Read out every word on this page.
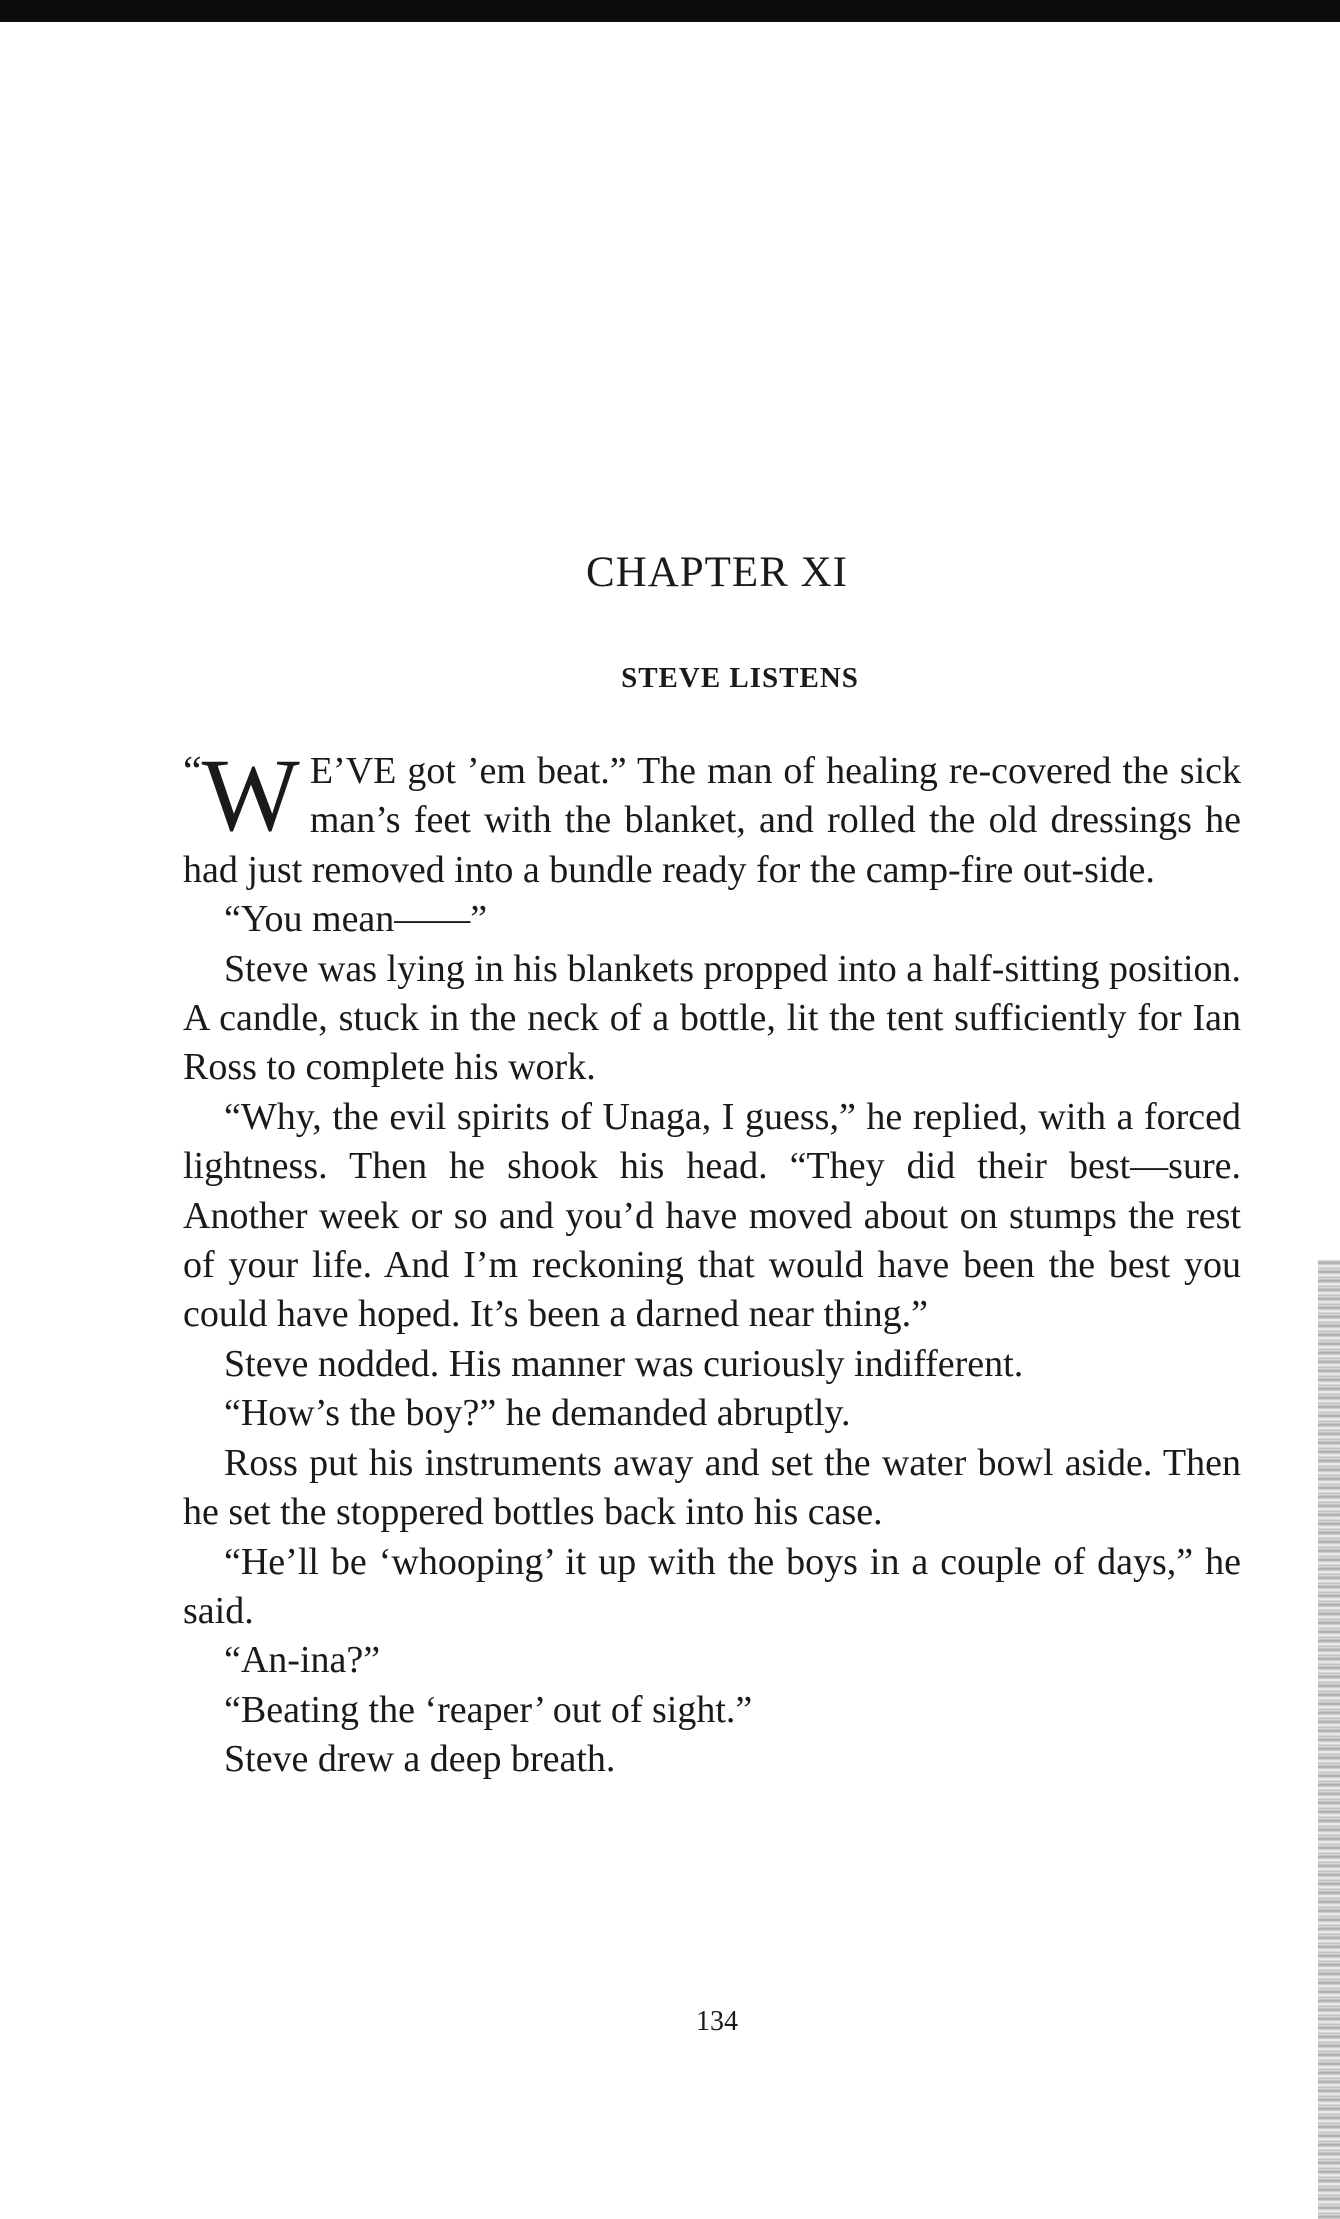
CHAPTER XI
STEVE LISTENS

“ W E’VE got ’em beat.” The man of healing re-covered the sick man’s feet with the blanket, and rolled the old dressings he had just removed into a bundle ready for the camp-fire out-side.

“You mean——”

Steve was lying in his blankets propped into a half-sitting position. A candle, stuck in the neck of a bottle, lit the tent sufficiently for Ian Ross to complete his work.

“Why, the evil spirits of Unaga, I guess,” he replied, with a forced lightness. Then he shook his head. “They did their best—sure. Another week or so and you’d have moved about on stumps the rest of your life. And I’m reckoning that would have been the best you could have hoped. It’s been a darned near thing.”

Steve nodded. His manner was curiously indifferent.

“How’s the boy?” he demanded abruptly.

Ross put his instruments away and set the water bowl aside. Then he set the stoppered bottles back into his case.

“He’ll be ‘whooping’ it up with the boys in a couple of days,” he said.

“An-ina?”

“Beating the ‘reaper’ out of sight.”

Steve drew a deep breath.

134
